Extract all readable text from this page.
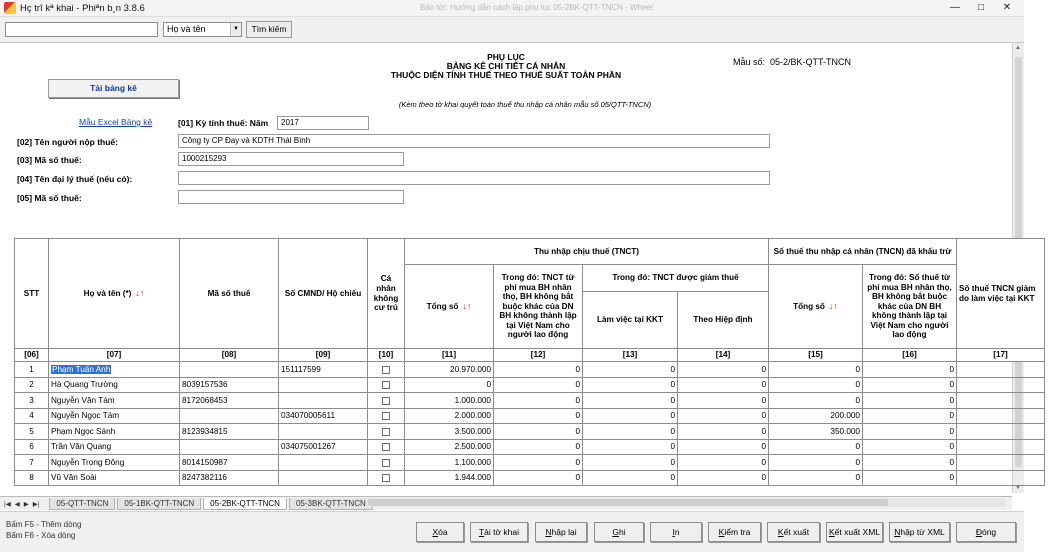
Hç trî kª khai - Phiªn b¸n 3.8.6	Bảo tới: Hướng dẫn cách lập phụ lục 05-2BK-QTT-TNCN - Wheel	—	□	✕
Họ và tên	▼	Tìm kiếm
PHỤ LỤC
BẢNG KÊ CHI TIẾT CÁ NHÂN
THUỘC DIỆN TÍNH THUẾ THEO THUẾ SUẤT TOÀN PHẦN
Mẫu số: 05-2/BK-QTT-TNCN
Tải bảng kê
(Kèm theo tờ khai quyết toán thuế thu nhập cá nhân mẫu số 05/QTT-TNCN)
Mẫu Excel Bảng kê	[01] Kỳ tính thuế: Năm	2017
[02] Tên người nộp thuế:	Công ty CP Đay và KDTH Thái Bình
[03] Mã số thuế:	1000215293
[04] Tên đại lý thuế (nếu có):
[05] Mã số thuế:
▲
▼
STT	Họ và tên (*) ↓↑	Mã số thuế	Số CMND/ Hộ chiếu	Cá nhân không cư trú	Thu nhập chịu thuế (TNCT)				Số thuế thu nhập cá nhân (TNCN) đã khấu trừ		Số thuế TNCN giảm do làm việc tại KKT
					Tổng số ↓↑	Trong đó: TNCT từ phí mua BH nhân thọ, BH không bắt buộc khác của DN BH không thành lập tại Việt Nam cho người lao động	Trong đó: TNCT được giảm thuế		Tổng số ↓↑	Trong đó: Số thuế từ phí mua BH nhân thọ, BH không bắt buộc khác của DN BH không thành lập tại Việt Nam cho người lao động	
							Làm việc tại KKT	Theo Hiệp định			
[06]	[07]	[08]	[09]	[10]	[11]	[12]	[13]	[14]	[15]	[16]	[17]
1	Phạm Tuấn Anh		151117599		20.970.000	0	0	0	0	0	
2	Hà Quang Trường	8039157536			0	0	0	0	0	0	
3	Nguyễn Văn Tám	8172068453			1.000.000	0	0	0	0	0	
4	Nguyễn Ngọc Tám		034070005611		2.000.000	0	0	0	200.000	0	
5	Phạm Ngọc Sánh	8123934815			3.500.000	0	0	0	350.000	0	
6	Trần Văn Quang		034075001267		2.500.000	0	0	0	0	0	
7	Nguyễn Trọng Đông	8014150987			1.100.000	0	0	0	0	0	
8	Vũ Văn Soái	8247382116			1.944.000	0	0	0	0	0	
|◀ ◀ ▶ ▶|	05-QTT-TNCN	05-1BK-QTT-TNCN	05-2BK-QTT-TNCN	05-3BK-QTT-TNCN
Bấm F5 - Thêm dòng
Bấm F6 - Xóa dòng	Xóa	Tải tờ khai	Nhập lại	Ghi	In	Kiểm tra	Kết xuất	Kết xuất XML	Nhập từ XML	Đóng
